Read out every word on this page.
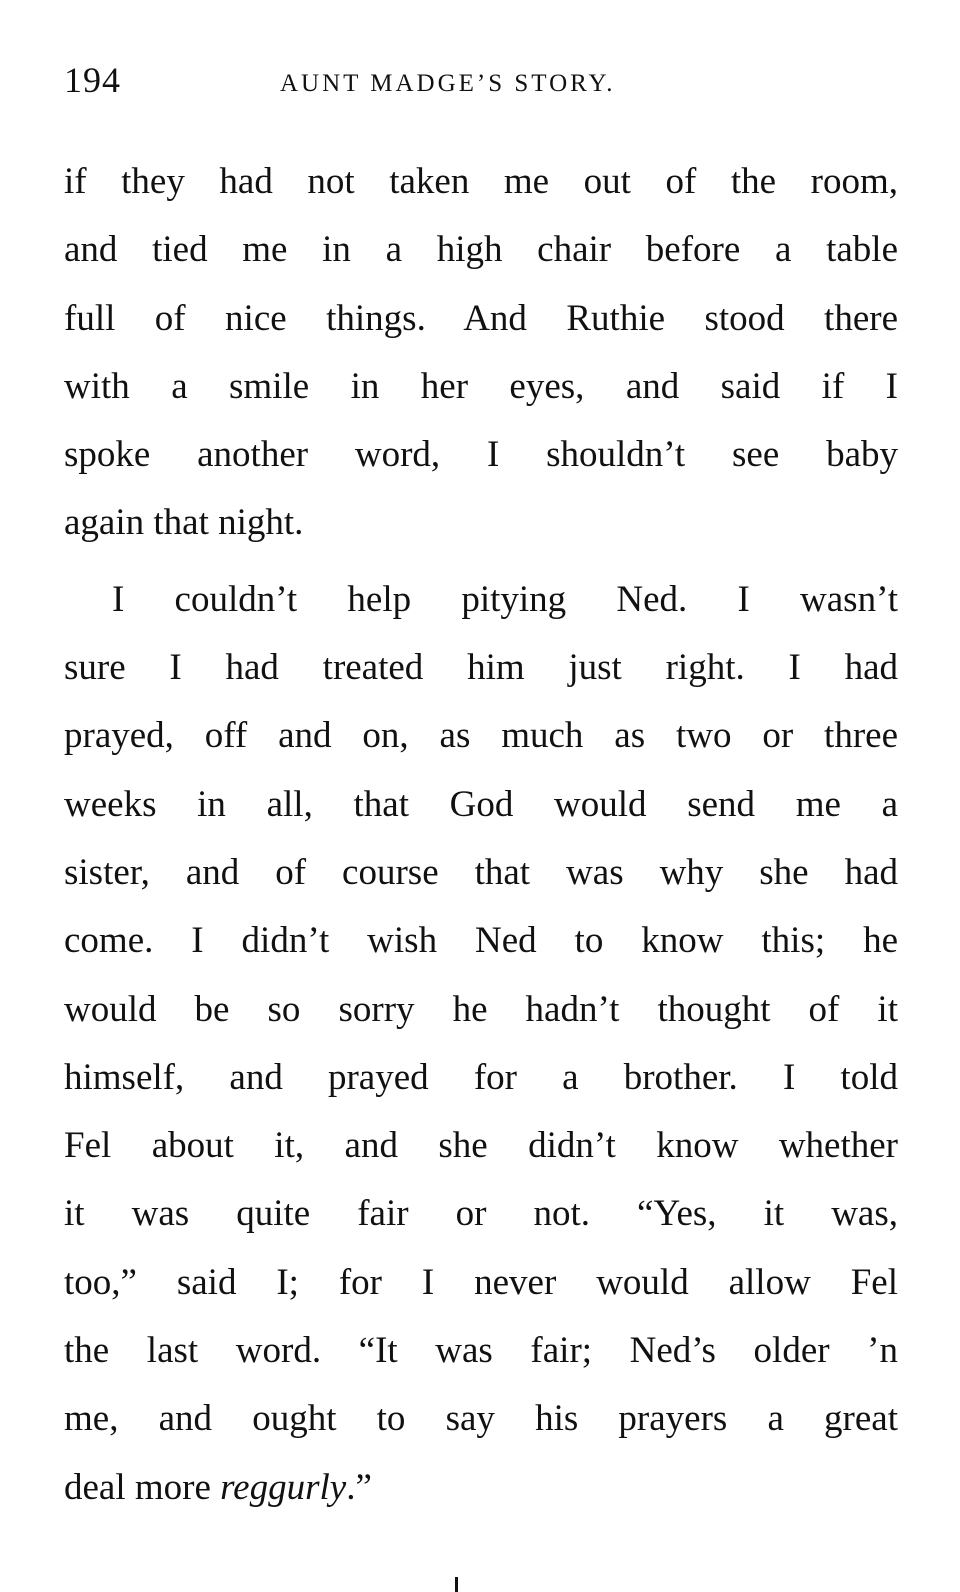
194	AUNT MADGE’S STORY.
if they had not taken me out of the room,
and tied me in a high chair before a table
full of nice things. And Ruthie stood there
with a smile in her eyes, and said if I
spoke another word, I shouldn’t see baby
again that night.
I couldn’t help pitying Ned. I wasn’t
sure I had treated him just right. I had
prayed, off and on, as much as two or three
weeks in all, that God would send me a
sister, and of course that was why she had
come. I didn’t wish Ned to know this; he
would be so sorry he hadn’t thought of it
himself, and prayed for a brother. I told
Fel about it, and she didn’t know whether
it was quite fair or not. “Yes, it was,
too,” said I; for I never would allow Fel
the last word. “It was fair; Ned’s older ’n
me, and ought to say his prayers a great
deal more reggurly.”
